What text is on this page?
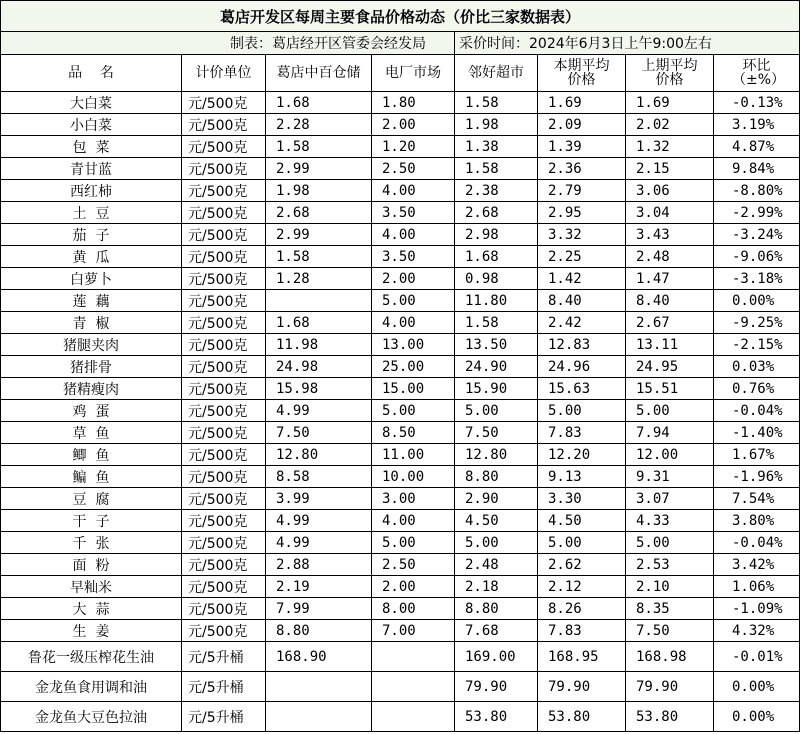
葛店开发区每周主要食品价格动态（价比三家数据表）							
制表：葛店经开区管委会经发局				采价时间：2024年6月3日上午9:00左右			
品    名	计价单位	葛店中百仓储	电厂市场	邻好超市	本期平均价格	上期平均价格	环比（±%）
大白菜	元/500克	1.68	1.80	1.58	1.69	1.69	-0.13%
小白菜	元/500克	2.28	2.00	1.98	2.09	2.02	3.19%
包  菜	元/500克	1.58	1.20	1.38	1.39	1.32	4.87%
青甘蓝	元/500克	2.99	2.50	1.58	2.36	2.15	9.84%
西红柿	元/500克	1.98	4.00	2.38	2.79	3.06	-8.80%
土  豆	元/500克	2.68	3.50	2.68	2.95	3.04	-2.99%
茄  子	元/500克	2.99	4.00	2.98	3.32	3.43	-3.24%
黄  瓜	元/500克	1.58	3.50	1.68	2.25	2.48	-9.06%
白萝卜	元/500克	1.28	2.00	0.98	1.42	1.47	-3.18%
莲  藕	元/500克		5.00	11.80	8.40	8.40	0.00%
青  椒	元/500克	1.68	4.00	1.58	2.42	2.67	-9.25%
猪腿夹肉	元/500克	11.98	13.00	13.50	12.83	13.11	-2.15%
猪排骨	元/500克	24.98	25.00	24.90	24.96	24.95	0.03%
猪精瘦肉	元/500克	15.98	15.00	15.90	15.63	15.51	0.76%
鸡  蛋	元/500克	4.99	5.00	5.00	5.00	5.00	-0.04%
草  鱼	元/500克	7.50	8.50	7.50	7.83	7.94	-1.40%
鲫  鱼	元/500克	12.80	11.00	12.80	12.20	12.00	1.67%
鳊  鱼	元/500克	8.58	10.00	8.80	9.13	9.31	-1.96%
豆  腐	元/500克	3.99	3.00	2.90	3.30	3.07	7.54%
干  子	元/500克	4.99	4.00	4.50	4.50	4.33	3.80%
千  张	元/500克	4.99	5.00	5.00	5.00	5.00	-0.04%
面  粉	元/500克	2.88	2.50	2.48	2.62	2.53	3.42%
早籼米	元/500克	2.19	2.00	2.18	2.12	2.10	1.06%
大  蒜	元/500克	7.99	8.00	8.80	8.26	8.35	-1.09%
生  姜	元/500克	8.80	7.00	7.68	7.83	7.50	4.32%
鲁花一级压榨花生油	元/5升桶	168.90		169.00	168.95	168.98	-0.01%
金龙鱼食用调和油	元/5升桶			79.90	79.90	79.90	0.00%
金龙鱼大豆色拉油	元/5升桶			53.80	53.80	53.80	0.00%
